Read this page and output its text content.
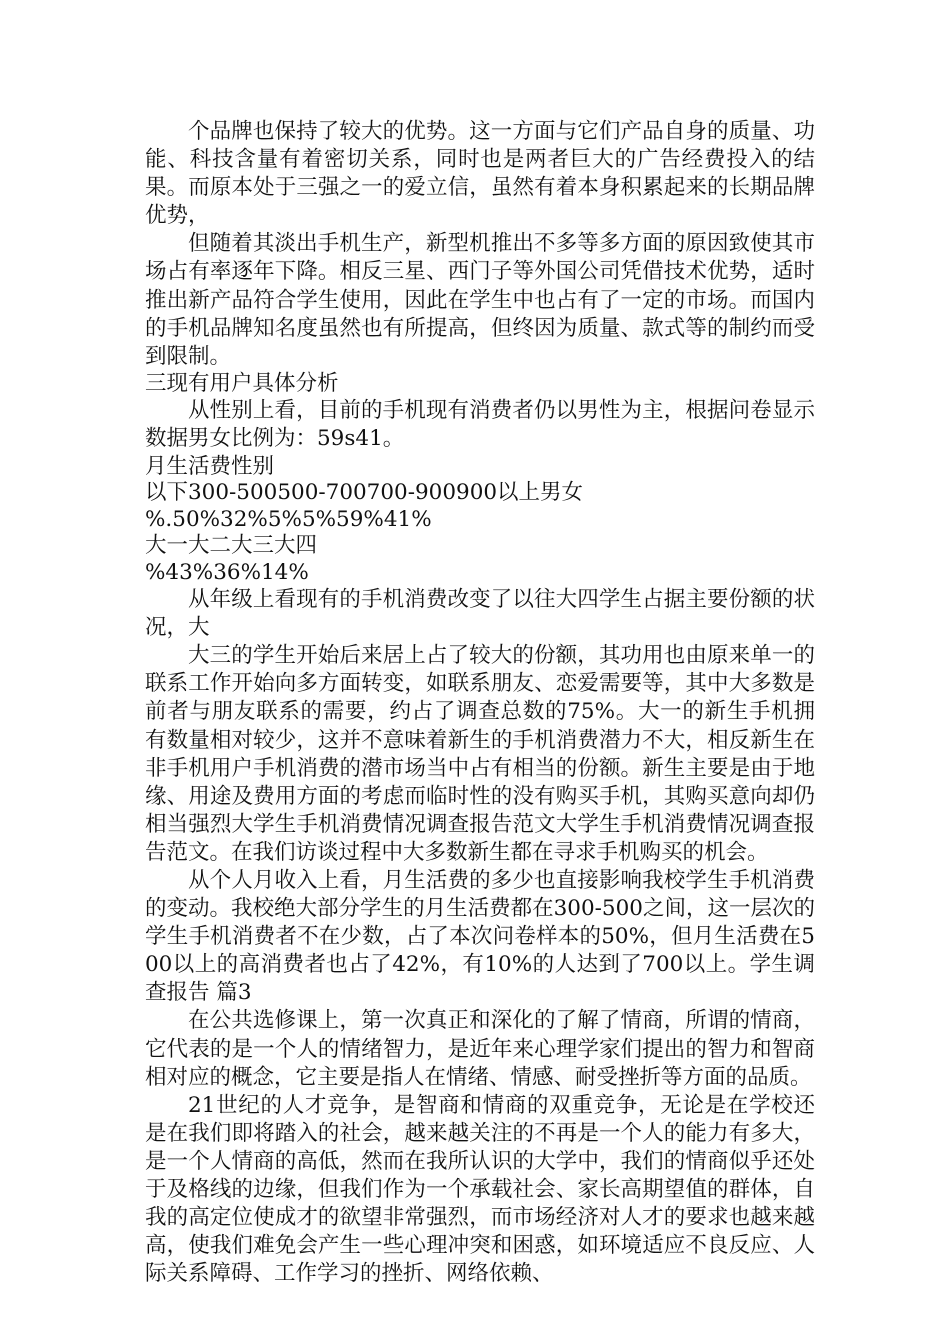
个品牌也保持了较大的优势。这一方面与它们产品自身的质量、功能、科技含量有着密切关系，同时也是两者巨大的广告经费投入的结果。而原本处于三强之一的爱立信，虽然有着本身积累起来的长期品牌优势，

但随着其淡出手机生产，新型机推出不多等多方面的原因致使其市场占有率逐年下降。相反三星、西门子等外国公司凭借技术优势，适时推出新产品符合学生使用，因此在学生中也占有了一定的市场。而国内的手机品牌知名度虽然也有所提高，但终因为质量、款式等的制约而受到限制。

三现有用户具体分析

从性别上看，目前的手机现有消费者仍以男性为主，根据问卷显示数据男女比例为：59s41。

月生活费性别

以下300-500500-700700-900900以上男女

%.50%32%5%5%59%41%

大一大二大三大四

%43%36%14%

从年级上看现有的手机消费改变了以往大四学生占据主要份额的状况，大

大三的学生开始后来居上占了较大的份额，其功用也由原来单一的联系工作开始向多方面转变，如联系朋友、恋爱需要等，其中大多数是前者与朋友联系的需要，约占了调查总数的75%。大一的新生手机拥有数量相对较少，这并不意味着新生的手机消费潜力不大，相反新生在非手机用户手机消费的潜市场当中占有相当的份额。新生主要是由于地缘、用途及费用方面的考虑而临时性的没有购买手机，其购买意向却仍相当强烈大学生手机消费情况调查报告范文大学生手机消费情况调查报告范文。在我们访谈过程中大多数新生都在寻求手机购买的机会。

从个人月收入上看，月生活费的多少也直接影响我校学生手机消费的变动。我校绝大部分学生的月生活费都在300-500之间，这一层次的学生手机消费者不在少数，占了本次问卷样本的50%，但月生活费在500以上的高消费者也占了42%，有10%的人达到了700以上。学生调查报告 篇3

在公共选修课上，第一次真正和深化的了解了情商，所谓的情商，它代表的是一个人的情绪智力，是近年来心理学家们提出的智力和智商相对应的概念，它主要是指人在情绪、情感、耐受挫折等方面的品质。

21世纪的人才竞争，是智商和情商的双重竞争，无论是在学校还是在我们即将踏入的社会，越来越关注的不再是一个人的能力有多大，是一个人情商的高低，然而在我所认识的大学中，我们的情商似乎还处于及格线的边缘，但我们作为一个承载社会、家长高期望值的群体，自我的高定位使成才的欲望非常强烈，而市场经济对人才的要求也越来越高，使我们难免会产生一些心理冲突和困惑，如环境适应不良反应、人际关系障碍、工作学习的挫折、网络依赖、
